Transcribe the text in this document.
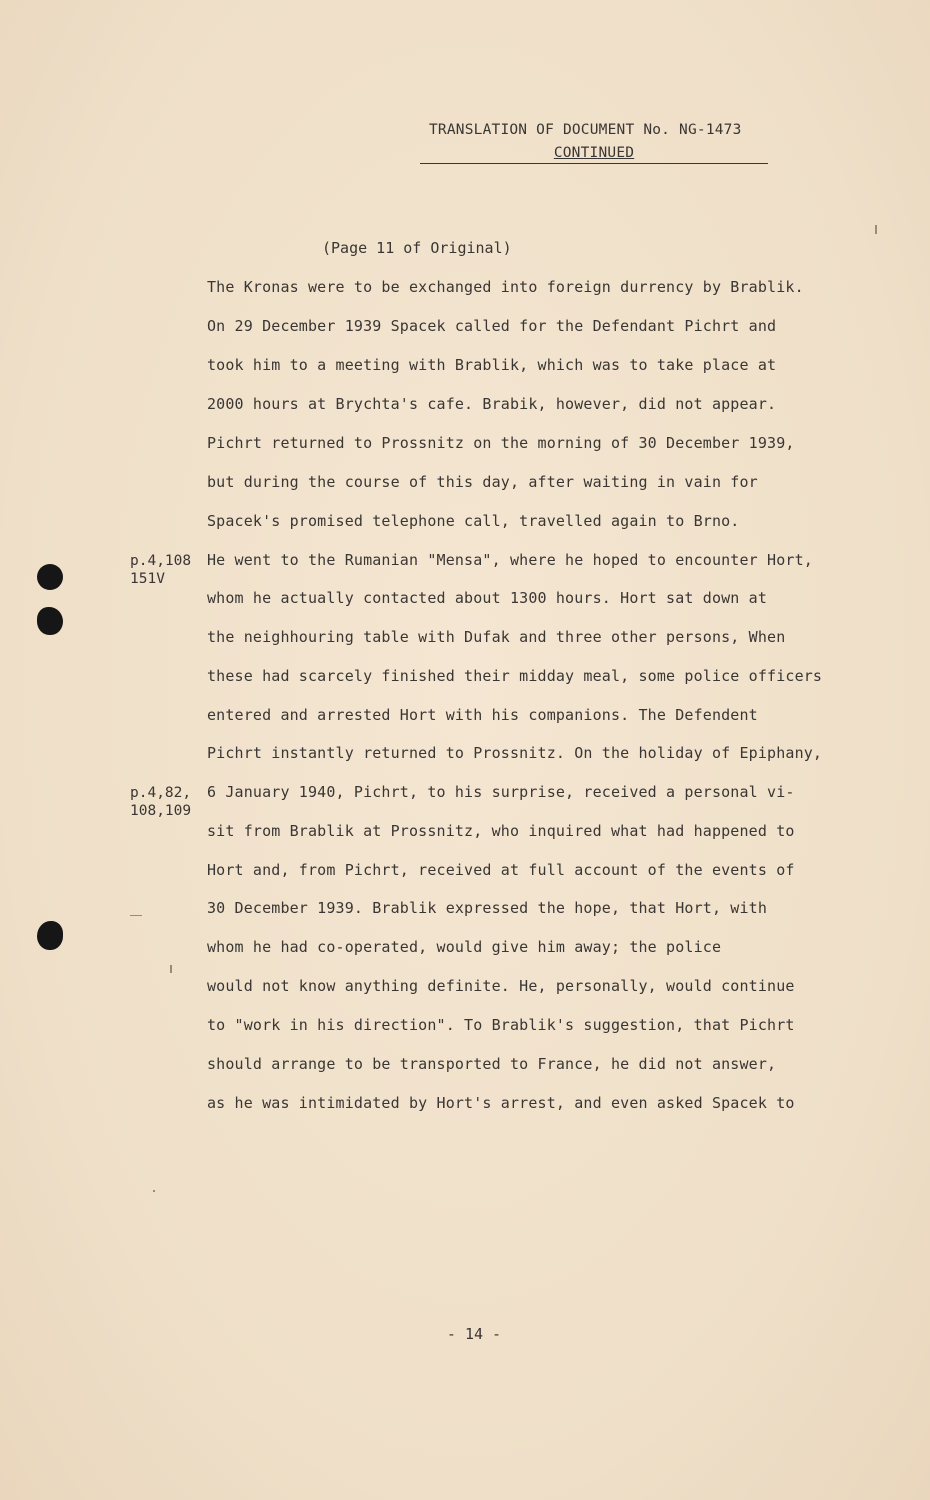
TRANSLATION OF DOCUMENT No. NG-1473
CONTINUED
(Page 11 of Original)
The Kronas were to be exchanged into foreign durrency by Brablik.
On 29 December 1939 Spacek called for the Defendant Pichrt and
took him to a meeting with Brablik, which was to take place at
2000 hours at Brychta's cafe. Brabik, however, did not appear.
Pichrt returned to Prossnitz on the morning of 30 December 1939,
but during the course of this day, after waiting in vain for
Spacek's promised telephone call, travelled again to Brno.
He went to the Rumanian "Mensa", where he hoped to encounter Hort,
whom he actually contacted about 1300 hours. Hort sat down at
the neighhouring table with Dufak and three other persons, When
these had scarcely finished their midday meal, some police officers
entered and arrested Hort with his companions. The Defendent
Pichrt instantly returned to Prossnitz. On the holiday of Epiphany,
6 January 1940, Pichrt, to his surprise, received a personal vi-
sit from Brablik at Prossnitz, who inquired what had happened to
Hort and, from Pichrt, received at full account of the events of
30 December 1939. Brablik expressed the hope, that Hort, with
whom he had co-operated, would give him away; the police
would not know anything definite. He, personally, would continue
to "work in his direction". To Brablik's suggestion, that Pichrt
should arrange to be transported to France, he did not answer,
as he was intimidated by Hort's arrest, and even asked Spacek to
p.4,108
151V
p.4,82,
108,109
- 14 -
